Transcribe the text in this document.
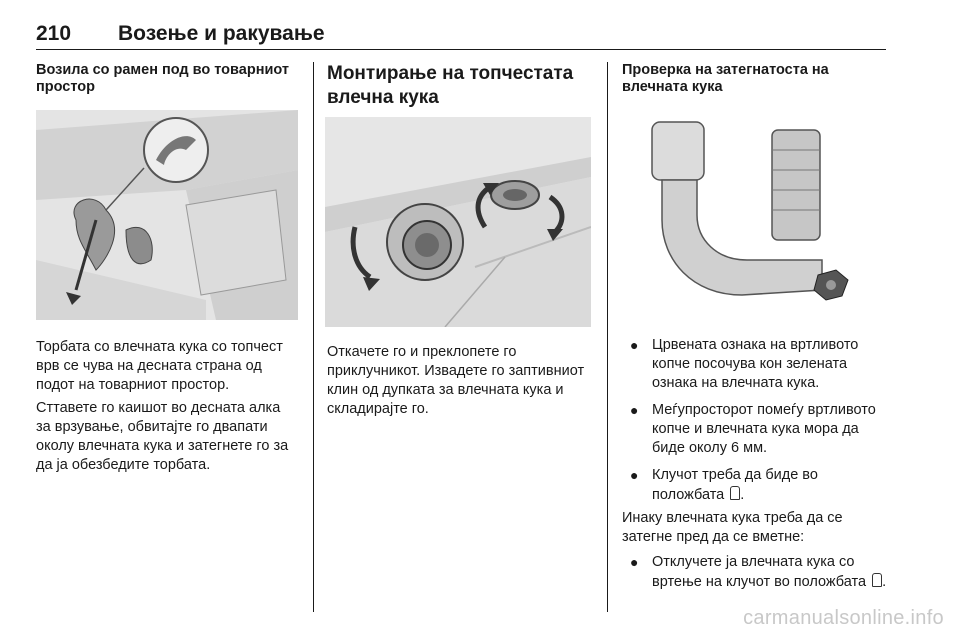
210 Возење и ракување
Возила со рамен под во товарниот простор

Торбата со влечната кука со топчест врв се чува на десната страна од подот на товарниот простор.

Сттавете го каишот во десната алка за врзување, обвитајте го двапати околу влечната кука и затегнете го за да ја обезбедите торбата.

Монтирање на топчестата влечна кука

Откачете го и преклопете го приклучникот. Извадете го заптивниот клин од дупката за влечната кука и складирајте го.

Проверка на затегнатоста на влечната кука
● Црвената ознака на вртливото копче посочува кон зелената ознака на влечната кука.
● Меѓупросторот помеѓу вртливото копче и влечната кука мора да биде околу 6 мм.
● Клучот треба да биде во положбата .

Инаку влечната кука треба да се затегне пред да се вметне:

● Отклучете ја влечната кука со вртење на клучот во положбата .
carmanualsonline.info
